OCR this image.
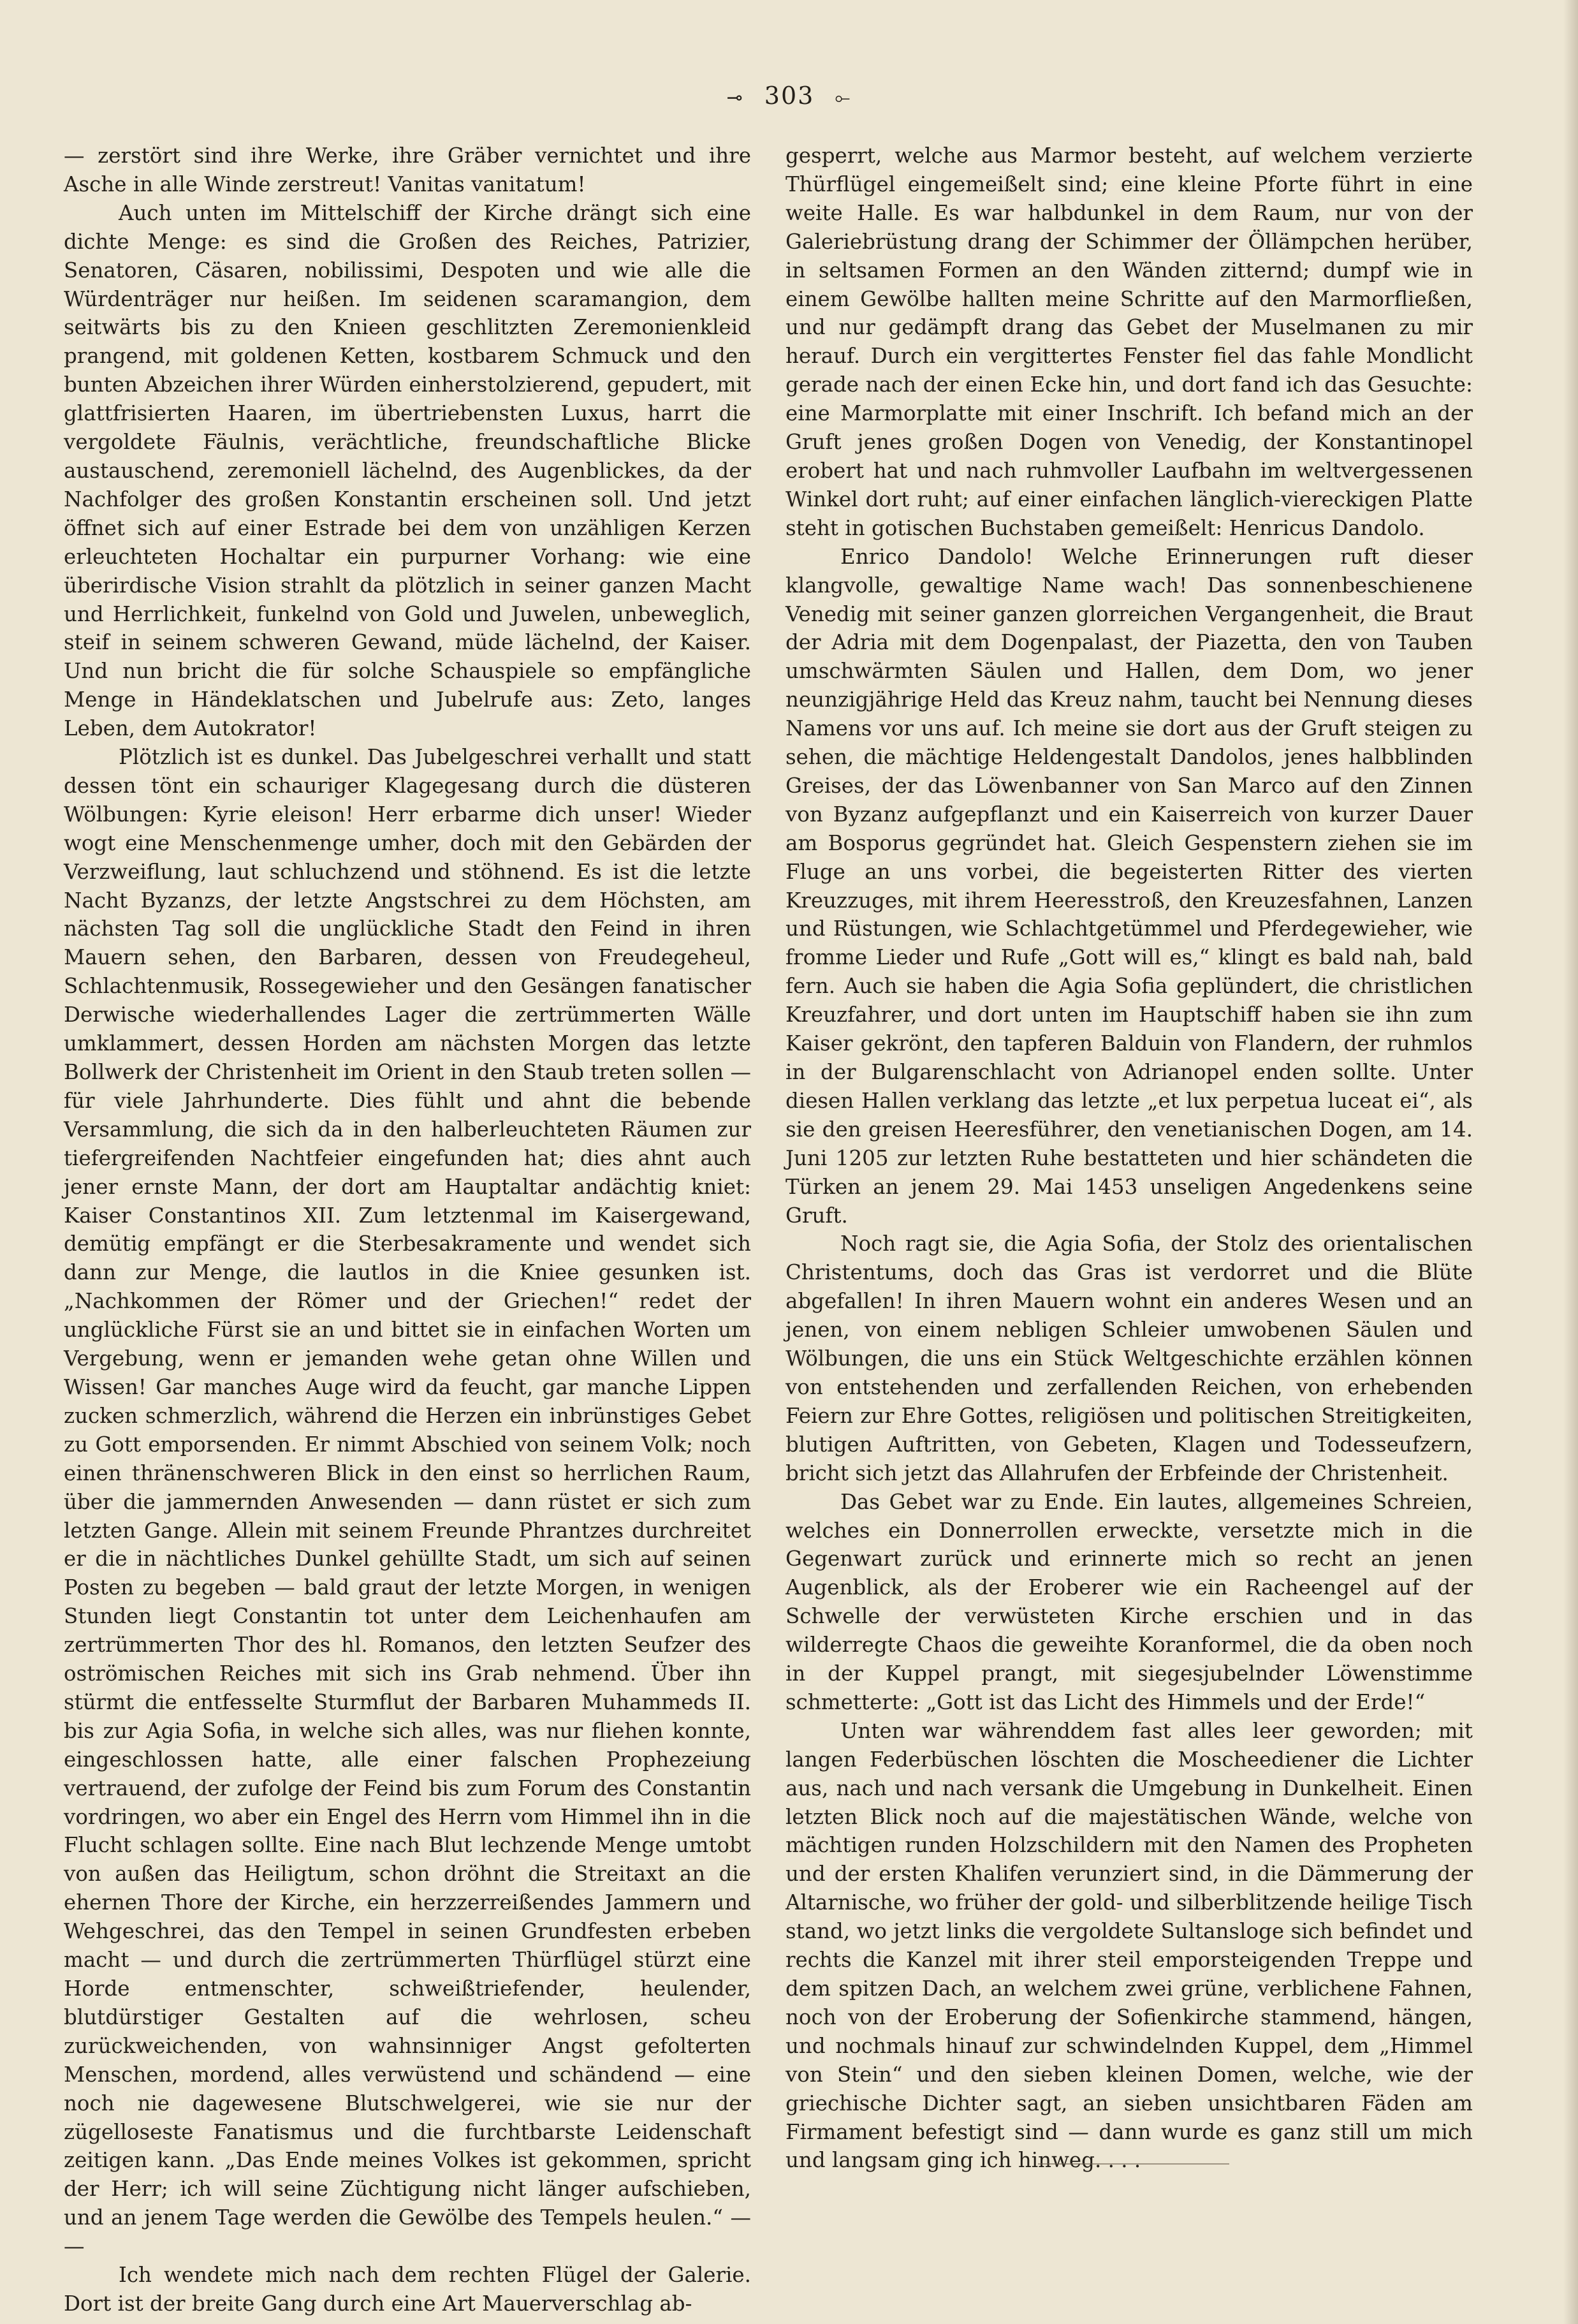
⊸ 303 ⟜

— zerstört sind ihre Werke, ihre Gräber vernichtet und ihre Asche in alle Winde zerstreut! Vanitas vanitatum!

Auch unten im Mittelschiff der Kirche drängt sich eine dichte Menge: es sind die Großen des Reiches, Patrizier, Senatoren, Cäsaren, nobilissimi, Despoten und wie alle die Würdenträger nur heißen. Im seidenen scaramangion, dem seitwärts bis zu den Knieen geschlitzten Zeremonienkleid prangend, mit goldenen Ketten, kostbarem Schmuck und den bunten Abzeichen ihrer Würden einherstolzierend, gepudert, mit glattfrisierten Haaren, im übertriebensten Luxus, harrt die vergoldete Fäulnis, verächtliche, freundschaftliche Blicke austauschend, zeremoniell lächelnd, des Augenblickes, da der Nachfolger des großen Konstantin erscheinen soll. Und jetzt öffnet sich auf einer Estrade bei dem von unzähligen Kerzen erleuchteten Hochaltar ein purpurner Vorhang: wie eine überirdische Vision strahlt da plötzlich in seiner ganzen Macht und Herrlichkeit, funkelnd von Gold und Juwelen, unbeweglich, steif in seinem schweren Gewand, müde lächelnd, der Kaiser. Und nun bricht die für solche Schauspiele so empfängliche Menge in Händeklatschen und Jubelrufe aus: Zeto, langes Leben, dem Autokrator!

Plötzlich ist es dunkel. Das Jubelgeschrei verhallt und statt dessen tönt ein schauriger Klagegesang durch die düsteren Wölbungen: Kyrie eleison! Herr erbarme dich unser! Wieder wogt eine Menschenmenge umher, doch mit den Gebärden der Verzweiflung, laut schluchzend und stöhnend. Es ist die letzte Nacht Byzanzs, der letzte Angstschrei zu dem Höchsten, am nächsten Tag soll die unglückliche Stadt den Feind in ihren Mauern sehen, den Barbaren, dessen von Freudegeheul, Schlachtenmusik, Rossegewieher und den Gesängen fanatischer Derwische wiederhallendes Lager die zertrümmerten Wälle umklammert, dessen Horden am nächsten Morgen das letzte Bollwerk der Christenheit im Orient in den Staub treten sollen — für viele Jahrhunderte. Dies fühlt und ahnt die bebende Versammlung, die sich da in den halberleuchteten Räumen zur tiefergreifenden Nachtfeier eingefunden hat; dies ahnt auch jener ernste Mann, der dort am Hauptaltar andächtig kniet: Kaiser Constantinos XII. Zum letztenmal im Kaisergewand, demütig empfängt er die Sterbesakramente und wendet sich dann zur Menge, die lautlos in die Kniee gesunken ist. „Nachkommen der Römer und der Griechen!“ redet der unglückliche Fürst sie an und bittet sie in einfachen Worten um Vergebung, wenn er jemanden wehe getan ohne Willen und Wissen! Gar manches Auge wird da feucht, gar manche Lippen zucken schmerzlich, während die Herzen ein inbrünstiges Gebet zu Gott emporsenden. Er nimmt Abschied von seinem Volk; noch einen thränenschweren Blick in den einst so herrlichen Raum, über die jammernden Anwesenden — dann rüstet er sich zum letzten Gange. Allein mit seinem Freunde Phrantzes durchreitet er die in nächtliches Dunkel gehüllte Stadt, um sich auf seinen Posten zu begeben — bald graut der letzte Morgen, in wenigen Stunden liegt Constantin tot unter dem Leichenhaufen am zertrümmerten Thor des hl. Romanos, den letzten Seufzer des oströmischen Reiches mit sich ins Grab nehmend. Über ihn stürmt die entfesselte Sturmflut der Barbaren Muhammeds II. bis zur Agia Sofia, in welche sich alles, was nur fliehen konnte, eingeschlossen hatte, alle einer falschen Prophezeiung vertrauend, der zufolge der Feind bis zum Forum des Constantin vordringen, wo aber ein Engel des Herrn vom Himmel ihn in die Flucht schlagen sollte. Eine nach Blut lechzende Menge umtobt von außen das Heiligtum, schon dröhnt die Streitaxt an die ehernen Thore der Kirche, ein herzzerreißendes Jammern und Wehgeschrei, das den Tempel in seinen Grundfesten erbeben macht — und durch die zertrümmerten Thürflügel stürzt eine Horde entmenschter, schweißtriefender, heulender, blutdürstiger Gestalten auf die wehrlosen, scheu zurückweichenden, von wahnsinniger Angst gefolterten Menschen, mordend, alles verwüstend und schändend — eine noch nie dagewesene Blutschwelgerei, wie sie nur der zügelloseste Fanatismus und die furchtbarste Leidenschaft zeitigen kann. „Das Ende meines Volkes ist gekommen, spricht der Herr; ich will seine Züchtigung nicht länger aufschieben, und an jenem Tage werden die Gewölbe des Tempels heulen.“ — —

Ich wendete mich nach dem rechten Flügel der Galerie. Dort ist der breite Gang durch eine Art Mauerverschlag ab-

gesperrt, welche aus Marmor besteht, auf welchem verzierte Thürflügel eingemeißelt sind; eine kleine Pforte führt in eine weite Halle. Es war halbdunkel in dem Raum, nur von der Galeriebrüstung drang der Schimmer der Öllämpchen herüber, in seltsamen Formen an den Wänden zitternd; dumpf wie in einem Gewölbe hallten meine Schritte auf den Marmorfließen, und nur gedämpft drang das Gebet der Muselmanen zu mir herauf. Durch ein vergittertes Fenster fiel das fahle Mondlicht gerade nach der einen Ecke hin, und dort fand ich das Gesuchte: eine Marmorplatte mit einer Inschrift. Ich befand mich an der Gruft jenes großen Dogen von Venedig, der Konstantinopel erobert hat und nach ruhmvoller Laufbahn im weltvergessenen Winkel dort ruht; auf einer einfachen länglich-viereckigen Platte steht in gotischen Buchstaben gemeißelt: Henricus Dandolo.

Enrico Dandolo! Welche Erinnerungen ruft dieser klangvolle, gewaltige Name wach! Das sonnenbeschienene Venedig mit seiner ganzen glorreichen Vergangenheit, die Braut der Adria mit dem Dogenpalast, der Piazetta, den von Tauben umschwärmten Säulen und Hallen, dem Dom, wo jener neunzigjährige Held das Kreuz nahm, taucht bei Nennung dieses Namens vor uns auf. Ich meine sie dort aus der Gruft steigen zu sehen, die mächtige Heldengestalt Dandolos, jenes halbblinden Greises, der das Löwenbanner von San Marco auf den Zinnen von Byzanz aufgepflanzt und ein Kaiserreich von kurzer Dauer am Bosporus gegründet hat. Gleich Gespenstern ziehen sie im Fluge an uns vorbei, die begeisterten Ritter des vierten Kreuzzuges, mit ihrem Heeresstroß, den Kreuzesfahnen, Lanzen und Rüstungen, wie Schlachtgetümmel und Pferdegewieher, wie fromme Lieder und Rufe „Gott will es,“ klingt es bald nah, bald fern. Auch sie haben die Agia Sofia geplündert, die christlichen Kreuzfahrer, und dort unten im Hauptschiff haben sie ihn zum Kaiser gekrönt, den tapferen Balduin von Flandern, der ruhmlos in der Bulgarenschlacht von Adrianopel enden sollte. Unter diesen Hallen verklang das letzte „et lux perpetua luceat ei“, als sie den greisen Heeresführer, den venetianischen Dogen, am 14. Juni 1205 zur letzten Ruhe bestatteten und hier schändeten die Türken an jenem 29. Mai 1453 unseligen Angedenkens seine Gruft.

Noch ragt sie, die Agia Sofia, der Stolz des orientalischen Christentums, doch das Gras ist verdorret und die Blüte abgefallen! In ihren Mauern wohnt ein anderes Wesen und an jenen, von einem nebligen Schleier umwobenen Säulen und Wölbungen, die uns ein Stück Weltgeschichte erzählen können von entstehenden und zerfallenden Reichen, von erhebenden Feiern zur Ehre Gottes, religiösen und politischen Streitigkeiten, blutigen Auftritten, von Gebeten, Klagen und Todesseufzern, bricht sich jetzt das Allahrufen der Erbfeinde der Christenheit.

Das Gebet war zu Ende. Ein lautes, allgemeines Schreien, welches ein Donnerrollen erweckte, versetzte mich in die Gegenwart zurück und erinnerte mich so recht an jenen Augenblick, als der Eroberer wie ein Racheengel auf der Schwelle der verwüsteten Kirche erschien und in das wilderregte Chaos die geweihte Koranformel, die da oben noch in der Kuppel prangt, mit siegesjubelnder Löwenstimme schmetterte: „Gott ist das Licht des Himmels und der Erde!“

Unten war währenddem fast alles leer geworden; mit langen Federbüschen löschten die Moscheediener die Lichter aus, nach und nach versank die Umgebung in Dunkelheit. Einen letzten Blick noch auf die majestätischen Wände, welche von mächtigen runden Holzschildern mit den Namen des Propheten und der ersten Khalifen verunziert sind, in die Dämmerung der Altarnische, wo früher der gold- und silberblitzende heilige Tisch stand, wo jetzt links die vergoldete Sultansloge sich befindet und rechts die Kanzel mit ihrer steil emporsteigenden Treppe und dem spitzen Dach, an welchem zwei grüne, verblichene Fahnen, noch von der Eroberung der Sofienkirche stammend, hängen, und nochmals hinauf zur schwindelnden Kuppel, dem „Himmel von Stein“ und den sieben kleinen Domen, welche, wie der griechische Dichter sagt, an sieben unsichtbaren Fäden am Firmament befestigt sind — dann wurde es ganz still um mich und langsam ging ich hinweg. . . .
